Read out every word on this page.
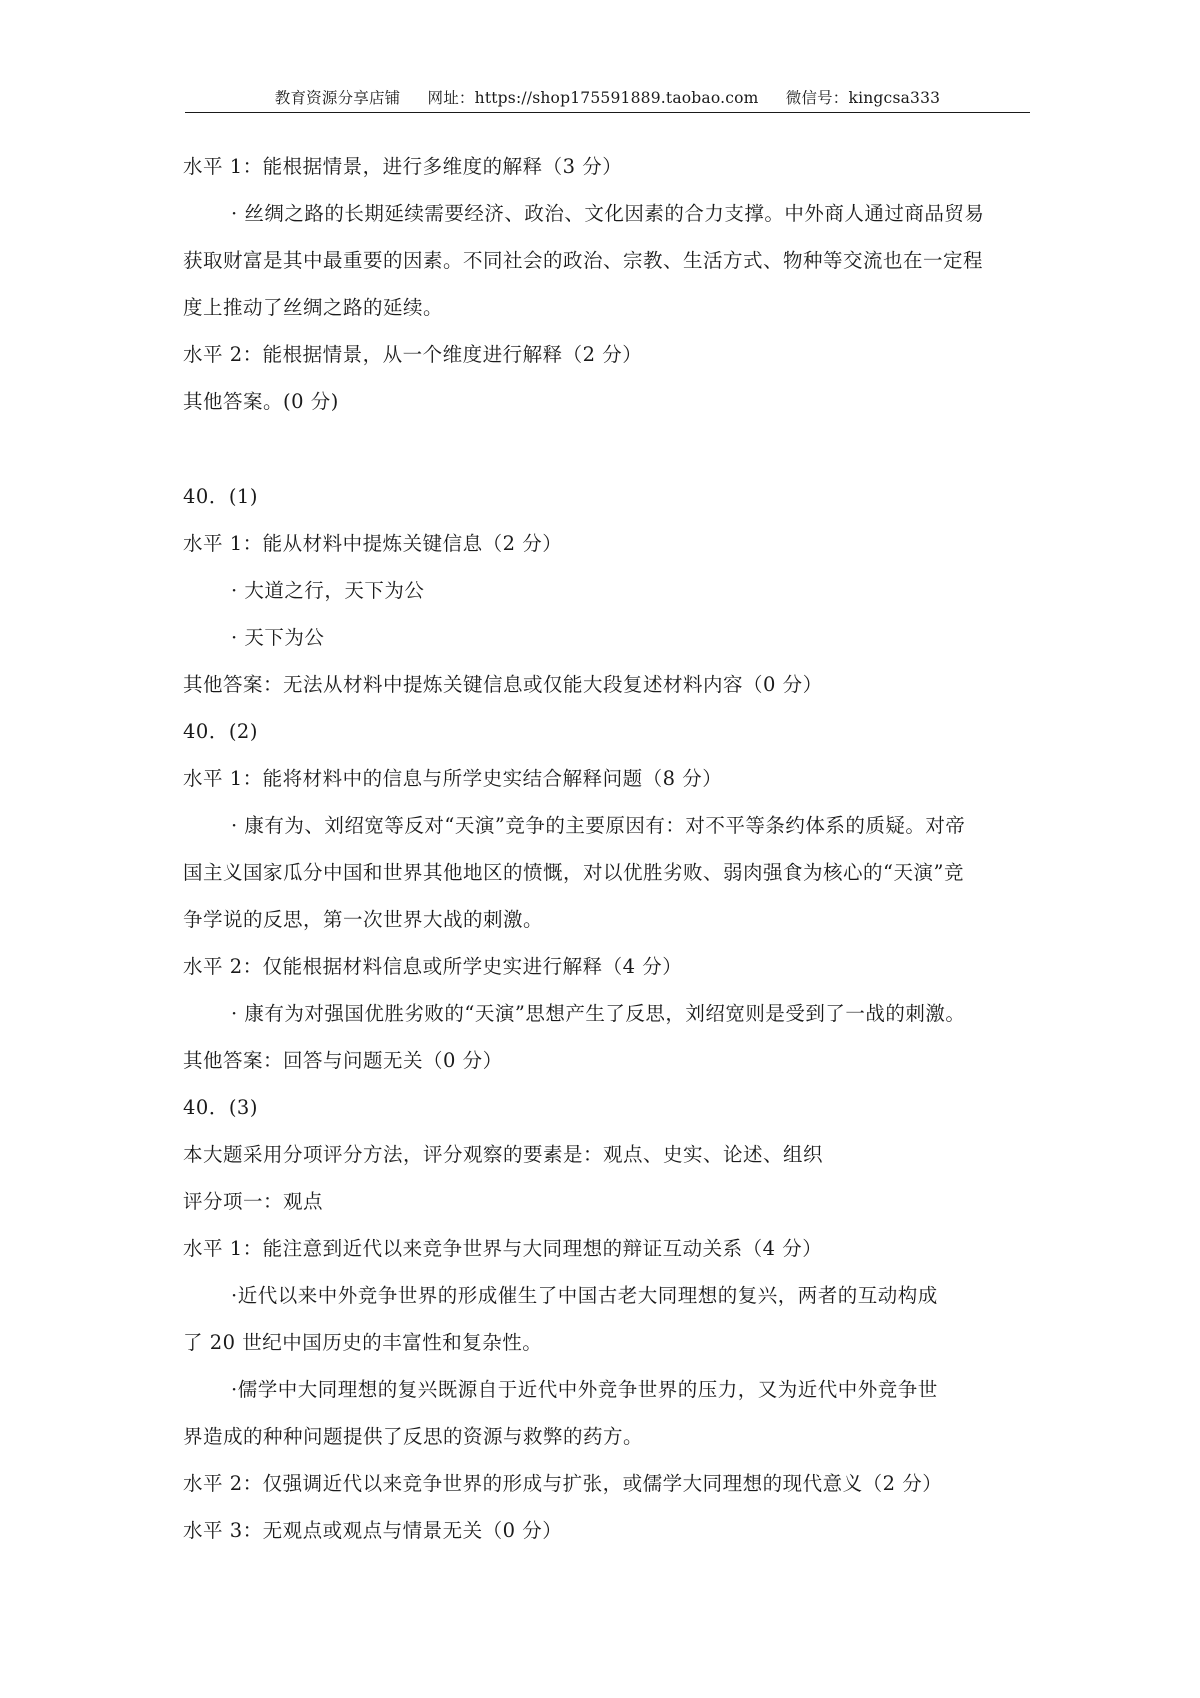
教育资源分享店铺 网址：https://shop175591889.taobao.com 微信号：kingcsa333
水平 1：能根据情景，进行多维度的解释（3 分）
· 丝绸之路的长期延续需要经济、政治、文化因素的合力支撑。中外商人通过商品贸易
获取财富是其中最重要的因素。不同社会的政治、宗教、生活方式、物种等交流也在一定程
度上推动了丝绸之路的延续。
水平 2：能根据情景，从一个维度进行解释（2 分）
其他答案。(0 分)
40．(1)
水平 1：能从材料中提炼关键信息（2 分）
· 大道之行，天下为公
· 天下为公
其他答案：无法从材料中提炼关键信息或仅能大段复述材料内容（0 分）
40．(2)
水平 1：能将材料中的信息与所学史实结合解释问题（8 分）
· 康有为、刘绍宽等反对“天演”竞争的主要原因有：对不平等条约体系的质疑。对帝
国主义国家瓜分中国和世界其他地区的愤慨，对以优胜劣败、弱肉强食为核心的“天演”竞
争学说的反思，第一次世界大战的刺激。
水平 2：仅能根据材料信息或所学史实进行解释（4 分）
· 康有为对强国优胜劣败的“天演”思想产生了反思，刘绍宽则是受到了一战的刺激。
其他答案：回答与问题无关（0 分）
40．(3)
本大题采用分项评分方法，评分观察的要素是：观点、史实、论述、组织
评分项一：观点
水平 1：能注意到近代以来竞争世界与大同理想的辩证互动关系（4 分）
·近代以来中外竞争世界的形成催生了中国古老大同理想的复兴，两者的互动构成
了 20 世纪中国历史的丰富性和复杂性。
·儒学中大同理想的复兴既源自于近代中外竞争世界的压力，又为近代中外竞争世
界造成的种种问题提供了反思的资源与救弊的药方。
水平 2：仅强调近代以来竞争世界的形成与扩张，或儒学大同理想的现代意义（2 分）
水平 3：无观点或观点与情景无关（0 分）
